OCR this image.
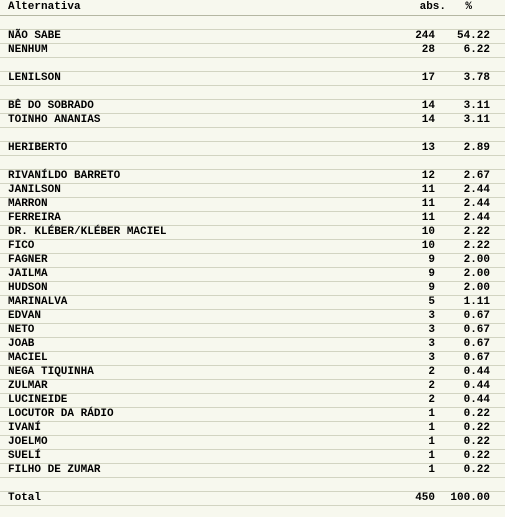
Alternativa	abs. %
NÃO SABE	244 54.22
NENHUM	28	6.22
LENILSON	17	3.78
BÊ DO SOBRADO	14	3.11
TOINHO ANANIAS	14	3.11
HERIBERTO	13	2.89
RIVANÍLDO BARRETO	12	2.67
JANILSON	11	2.44
MARRON	11	2.44
FERREIRA	11	2.44
DR. KLÉBER/KLÉBER MACIEL	10	2.22
FICO	10	2.22
FAGNER	9	2.00
JAILMA	9	2.00
HUDSON	9	2.00
MARINALVA	5	1.11
EDVAN	3	0.67
NETO	3	0.67
JOAB	3	0.67
MACIEL	3	0.67
NEGA TIQUINHA	2	0.44
ZULMAR	2	0.44
LUCINEIDE	2	0.44
LOCUTOR DA RÁDIO	1	0.22
IVANÍ	1	0.22
JOELMO	1	0.22
SUELÍ	1	0.22
FILHO DE ZUMAR	1	0.22
Total	450 100.00
